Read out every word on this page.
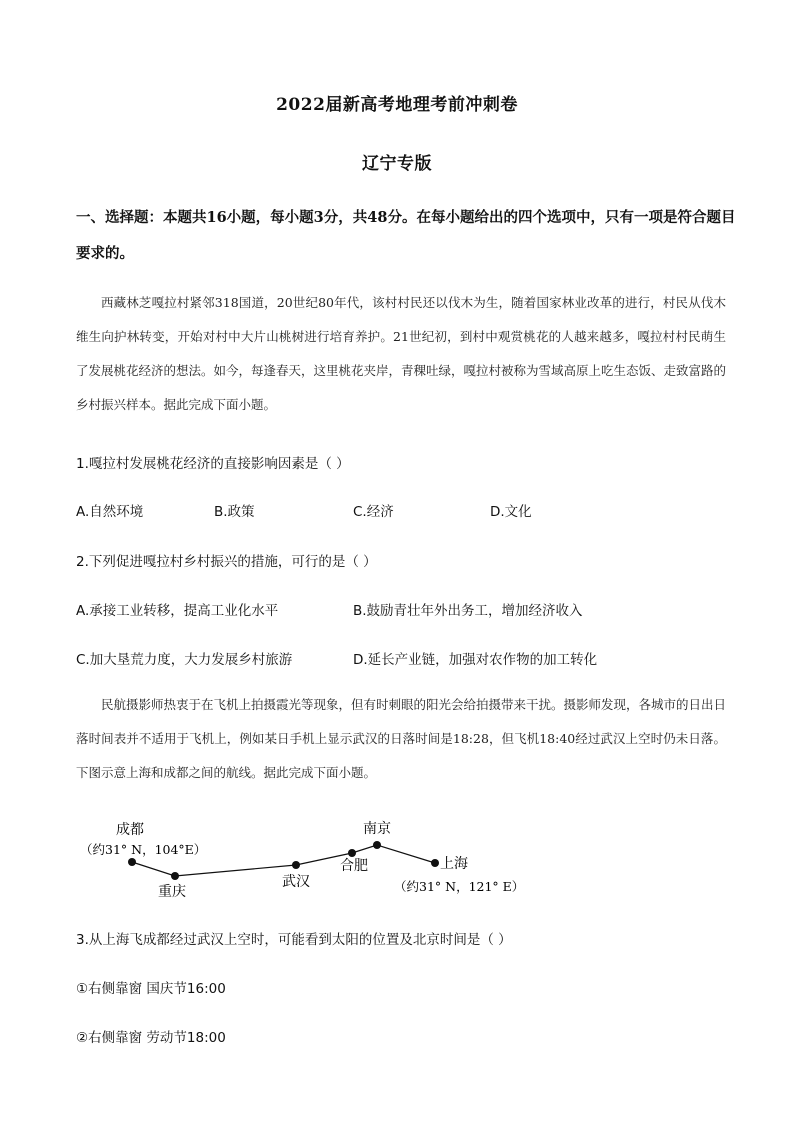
2022届新高考地理考前冲刺卷
辽宁专版
一、选择题：本题共16小题，每小题3分，共48分。在每小题给出的四个选项中，只有一项是符合题目
要求的。
西藏林芝嘎拉村紧邻318国道，20世纪80年代，该村村民还以伐木为生，随着国家林业改革的进行，村民从伐木维生向护林转变，开始对村中大片山桃树进行培育养护。21世纪初，到村中观赏桃花的人越来越多，嘎拉村村民萌生了发展桃花经济的想法。如今，每逢春天，这里桃花夹岸，青稞吐绿，嘎拉村被称为雪域高原上吃生态饭、走致富路的乡村振兴样本。据此完成下面小题。
1.嘎拉村发展桃花经济的直接影响因素是（ ）
A.自然环境	B.政策	C.经济	D.文化
2.下列促进嘎拉村乡村振兴的措施，可行的是（ ）
A.承接工业转移，提高工业化水平	B.鼓励青壮年外出务工，增加经济收入
C.加大垦荒力度，大力发展乡村旅游	D.延长产业链，加强对农作物的加工转化
民航摄影师热衷于在飞机上拍摄霞光等现象，但有时刺眼的阳光会给拍摄带来干扰。摄影师发现，各城市的日出日落时间表并不适用于飞机上，例如某日手机上显示武汉的日落时间是18:28，但飞机18:40经过武汉上空时仍未日落。下图示意上海和成都之间的航线。据此完成下面小题。
成都
（约31° N，104°E）
重庆
武汉
合肥
南京
上海
（约31° N，121° E）
3.从上海飞成都经过武汉上空时，可能看到太阳的位置及北京时间是（ ）
①右侧靠窗 国庆节16:00
②右侧靠窗 劳动节18:00
